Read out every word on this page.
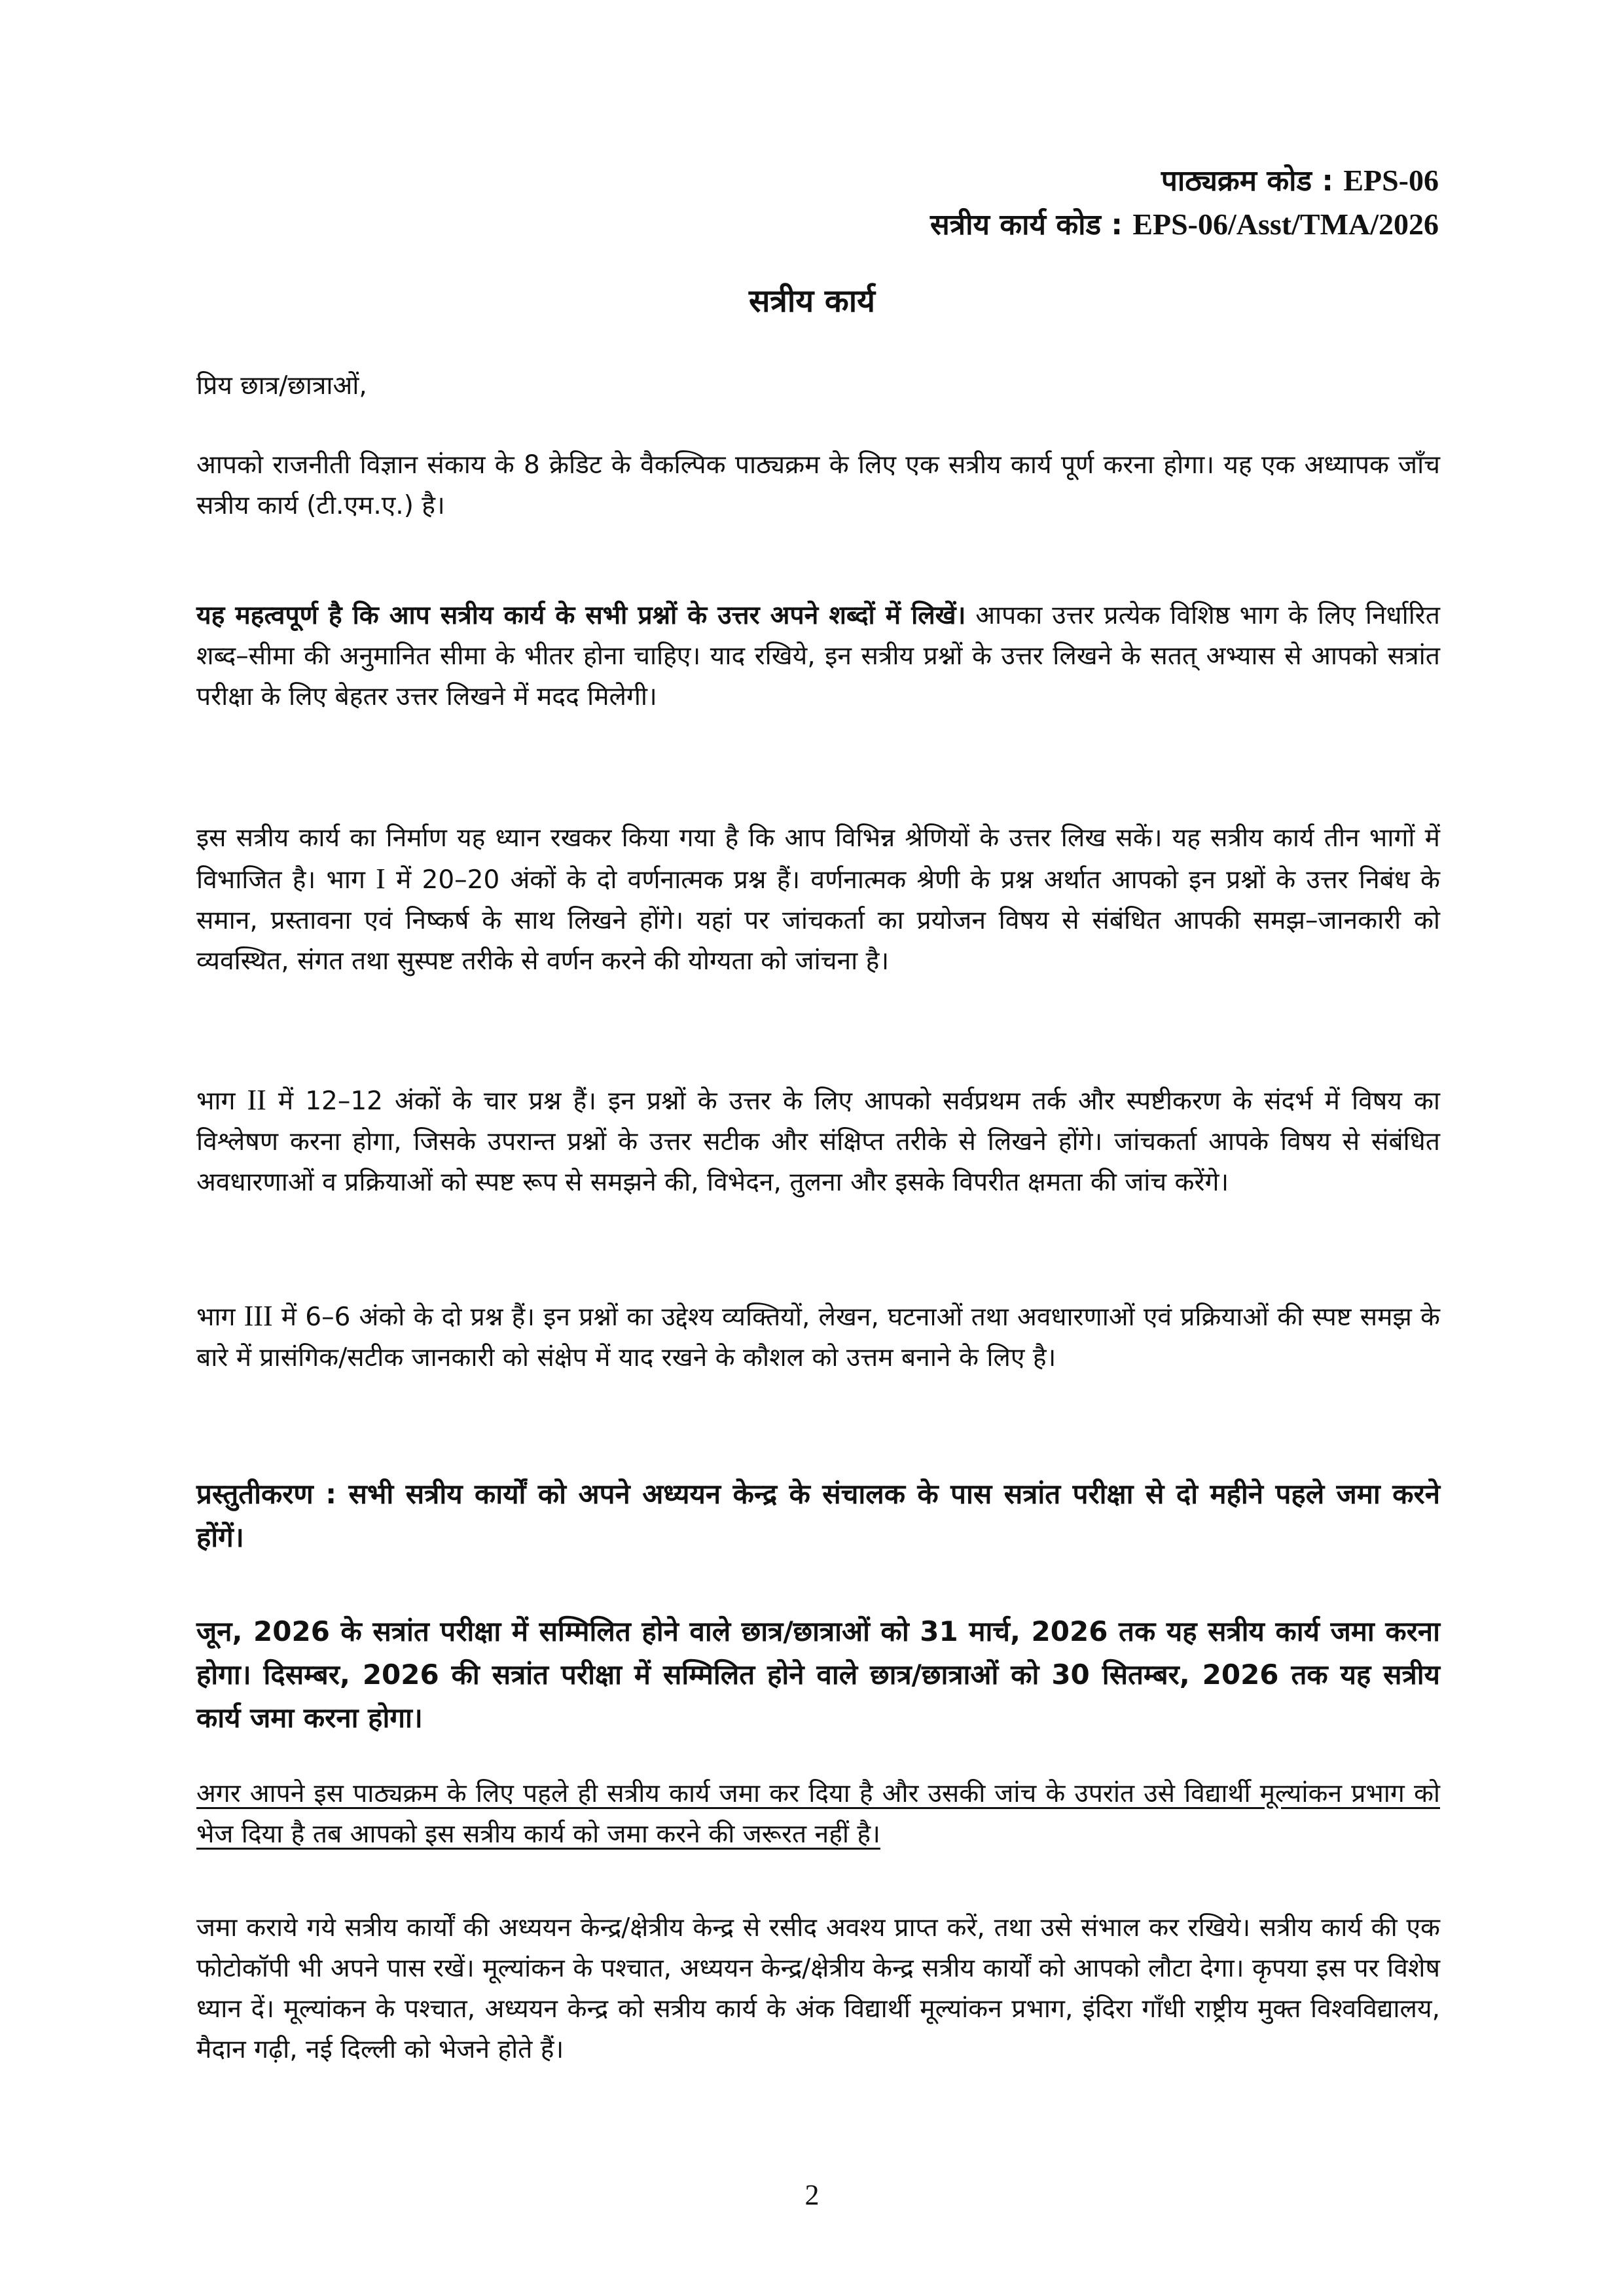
पाठ्यक्रम कोड : EPS-06
सत्रीय कार्य कोड : EPS-06/Asst/TMA/2026
सत्रीय कार्य
प्रिय छात्र/छात्राओं,

आपको राजनीती विज्ञान संकाय के 8 क्रेडिट के वैकल्पिक पाठ्यक्रम के लिए एक सत्रीय कार्य पूर्ण करना होगा। यह एक अध्यापक जाँच सत्रीय कार्य (टी.एम.ए.) है।

यह महत्वपूर्ण है कि आप सत्रीय कार्य के सभी प्रश्नों के उत्तर अपने शब्दों में लिखें। आपका उत्तर प्रत्येक विशिष्ठ भाग के लिए निर्धारित शब्द–सीमा की अनुमानित सीमा के भीतर होना चाहिए। याद रखिये, इन सत्रीय प्रश्नों के उत्तर लिखने के सतत् अभ्यास से आपको सत्रांत परीक्षा के लिए बेहतर उत्तर लिखने में मदद मिलेगी।

इस सत्रीय कार्य का निर्माण यह ध्यान रखकर किया गया है कि आप विभिन्न श्रेणियों के उत्तर लिख सकें। यह सत्रीय कार्य तीन भागों में विभाजित है। भाग I में 20–20 अंकों के दो वर्णनात्मक प्रश्न हैं। वर्णनात्मक श्रेणी के प्रश्न अर्थात आपको इन प्रश्नों के उत्तर निबंध के समान, प्रस्तावना एवं निष्कर्ष के साथ लिखने होंगे। यहां पर जांचकर्ता का प्रयोजन विषय से संबंधित आपकी समझ–जानकारी को व्यवस्थित, संगत तथा सुस्पष्ट तरीके से वर्णन करने की योग्यता को जांचना है।

भाग II में 12–12 अंकों के चार प्रश्न हैं। इन प्रश्नों के उत्तर के लिए आपको सर्वप्रथम तर्क और स्पष्टीकरण के संदर्भ में विषय का विश्लेषण करना होगा, जिसके उपरान्त प्रश्नों के उत्तर सटीक और संक्षिप्त तरीके से लिखने होंगे। जांचकर्ता आपके विषय से संबंधित अवधारणाओं व प्रक्रियाओं को स्पष्ट रूप से समझने की, विभेदन, तुलना और इसके विपरीत क्षमता की जांच करेंगे।

भाग III में 6–6 अंको के दो प्रश्न हैं। इन प्रश्नों का उद्देश्य व्यक्तियों, लेखन, घटनाओं तथा अवधारणाओं एवं प्रक्रियाओं की स्पष्ट समझ के बारे में प्रासंगिक/सटीक जानकारी को संक्षेप में याद रखने के कौशल को उत्तम बनाने के लिए है।

प्रस्तुतीकरण : सभी सत्रीय कार्यों को अपने अध्ययन केन्द्र के संचालक के पास सत्रांत परीक्षा से दो महीने पहले जमा करने होंगें।

जून, 2026 के सत्रांत परीक्षा में सम्मिलित होने वाले छात्र/छात्राओं को 31 मार्च, 2026 तक यह सत्रीय कार्य जमा करना होगा। दिसम्बर, 2026 की सत्रांत परीक्षा में सम्मिलित होने वाले छात्र/छात्राओं को 30 सितम्बर, 2026 तक यह सत्रीय कार्य जमा करना होगा।

अगर आपने इस पाठ्यक्रम के लिए पहले ही सत्रीय कार्य जमा कर दिया है और उसकी जांच के उपरांत उसे विद्यार्थी मूल्यांकन प्रभाग को भेज दिया है तब आपको इस सत्रीय कार्य को जमा करने की जरूरत नहीं है।

जमा कराये गये सत्रीय कार्यों की अध्ययन केन्द्र/क्षेत्रीय केन्द्र से रसीद अवश्य प्राप्त करें, तथा उसे संभाल कर रखिये। सत्रीय कार्य की एक फोटोकॉपी भी अपने पास रखें। मूल्यांकन के पश्चात, अध्ययन केन्द्र/क्षेत्रीय केन्द्र सत्रीय कार्यों को आपको लौटा देगा। कृपया इस पर विशेष ध्यान दें। मूल्यांकन के पश्चात, अध्ययन केन्द्र को सत्रीय कार्य के अंक विद्यार्थी मूल्यांकन प्रभाग, इंदिरा गाँधी राष्ट्रीय मुक्त विश्वविद्यालय, मैदान गढ़ी, नई दिल्ली को भेजने होते हैं।

2
